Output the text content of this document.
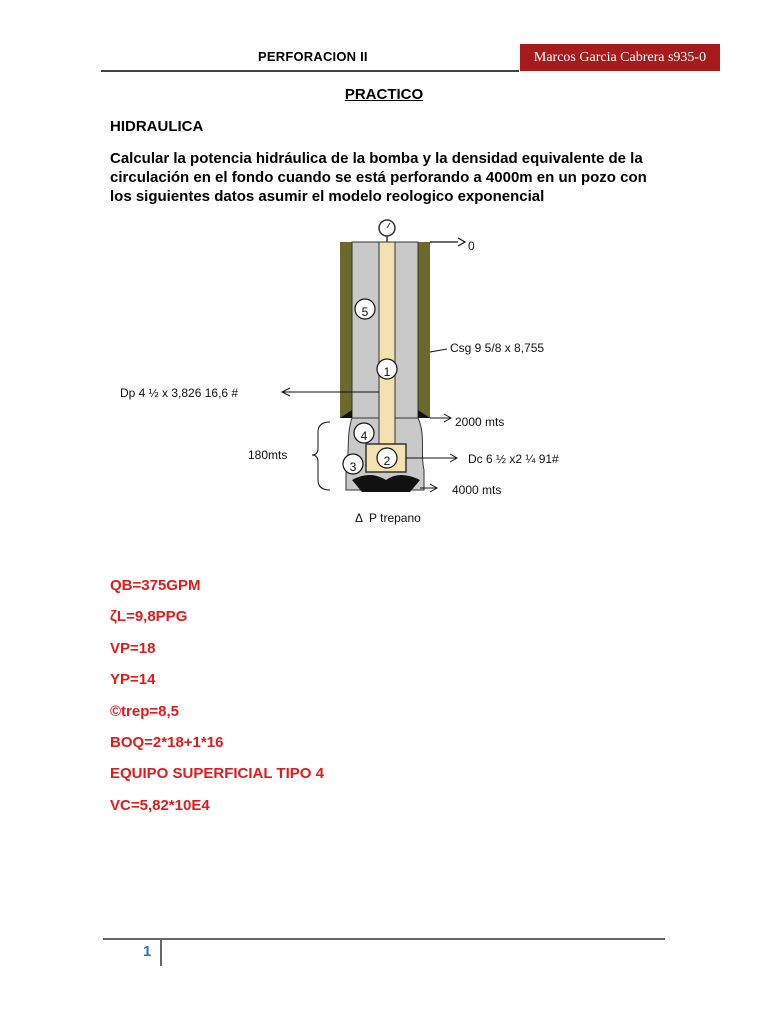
PERFORACION II	Marcos Garcia Cabrera s935-0
PRACTICO
HIDRAULICA

Calcular la potencia hidráulica de la bomba y la densidad equivalente de la circulación en el fondo cuando se está perforando a 4000m en un pozo con los siguientes datos asumir el modelo reologico exponencial

0
5
1
4
2
3
Csg 9 5/8 x 8,755
Dp 4 ½ x 3,826 16,6 #
2000 mts
Dc 6 ½ x2 ¼ 91#
180mts
4000 mts
Δ P trepano
QB=375GPM
ζL=9,8PPG
VP=18
YP=14
©trep=8,5
BOQ=2*18+1*16
EQUIPO SUPERFICIAL TIPO 4
VC=5,82*10E4
1
